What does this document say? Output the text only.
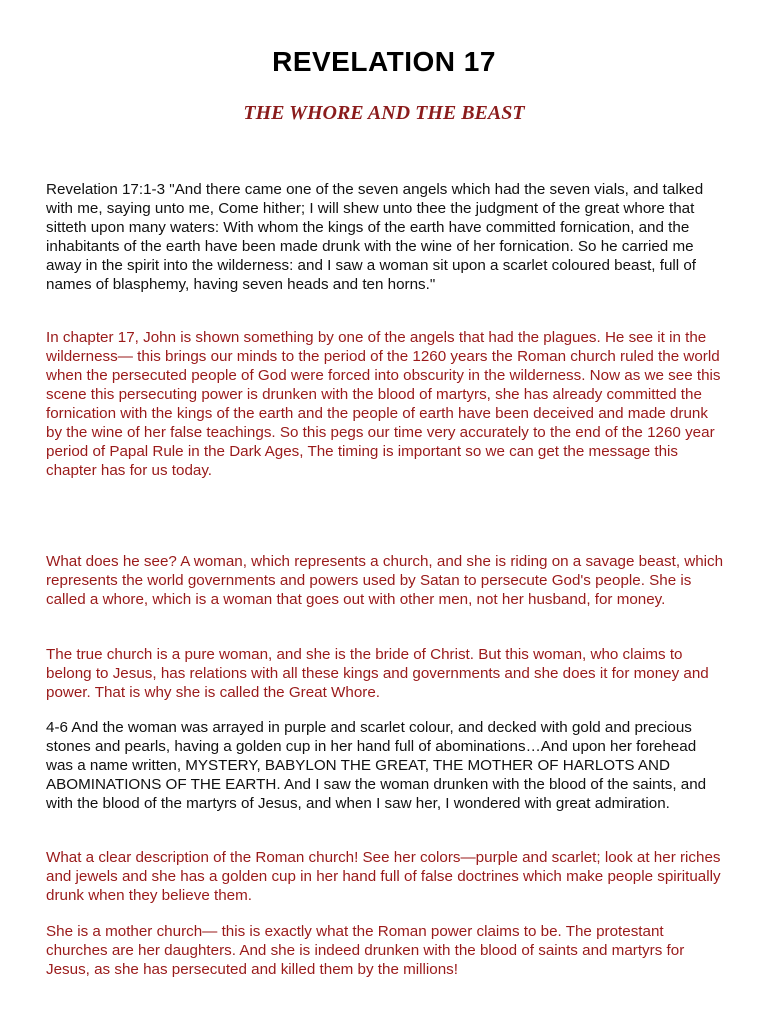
REVELATION 17
THE WHORE AND THE BEAST

Revelation 17:1-3 "And there came one of the seven angels which had the seven vials, and talked with me, saying unto me, Come hither; I will shew unto thee the judgment of the great whore that sitteth upon many waters: With whom the kings of the earth have committed fornication, and the inhabitants of the earth have been made drunk with the wine of her fornication. So he carried me away in the spirit into the wilderness: and I saw a woman sit upon a scarlet coloured beast, full of names of blasphemy, having seven heads and ten horns."

In chapter 17, John is shown something by one of the angels that had the plagues. He see it in the wilderness— this brings our minds to the period of the 1260 years the Roman church ruled the world when the persecuted people of God were forced into obscurity in the wilderness. Now as we see this scene this persecuting power is drunken with the blood of martyrs, she has already committed the fornication with the kings of the earth and the people of earth have been deceived and made drunk by the wine of her false teachings. So this pegs our time very accurately to the end of the 1260 year period of Papal Rule in the Dark Ages, The timing is important so we can get the message this chapter has for us today.

What does he see? A woman, which represents a church, and she is riding on a savage beast, which represents the world governments and powers used by Satan to persecute God's people. She is called a whore, which is a woman that goes out with other men, not her husband, for money.

The true church is a pure woman, and she is the bride of Christ. But this woman, who claims to belong to Jesus, has relations with all these kings and governments and she does it for money and power. That is why she is called the Great Whore.

4-6 And the woman was arrayed in purple and scarlet colour, and decked with gold and precious stones and pearls, having a golden cup in her hand full of abominations…And upon her forehead was a name written, MYSTERY, BABYLON THE GREAT, THE MOTHER OF HARLOTS AND ABOMINATIONS OF THE EARTH. And I saw the woman drunken with the blood of the saints, and with the blood of the martyrs of Jesus, and when I saw her, I wondered with great admiration.

What a clear description of the Roman church! See her colors—purple and scarlet; look at her riches and jewels and she has a golden cup in her hand full of false doctrines which make people spiritually drunk when they believe them.

She is a mother church— this is exactly what the Roman power claims to be. The protestant churches are her daughters. And she is indeed drunken with the blood of saints and martyrs for Jesus, as she has persecuted and killed them by the millions!
